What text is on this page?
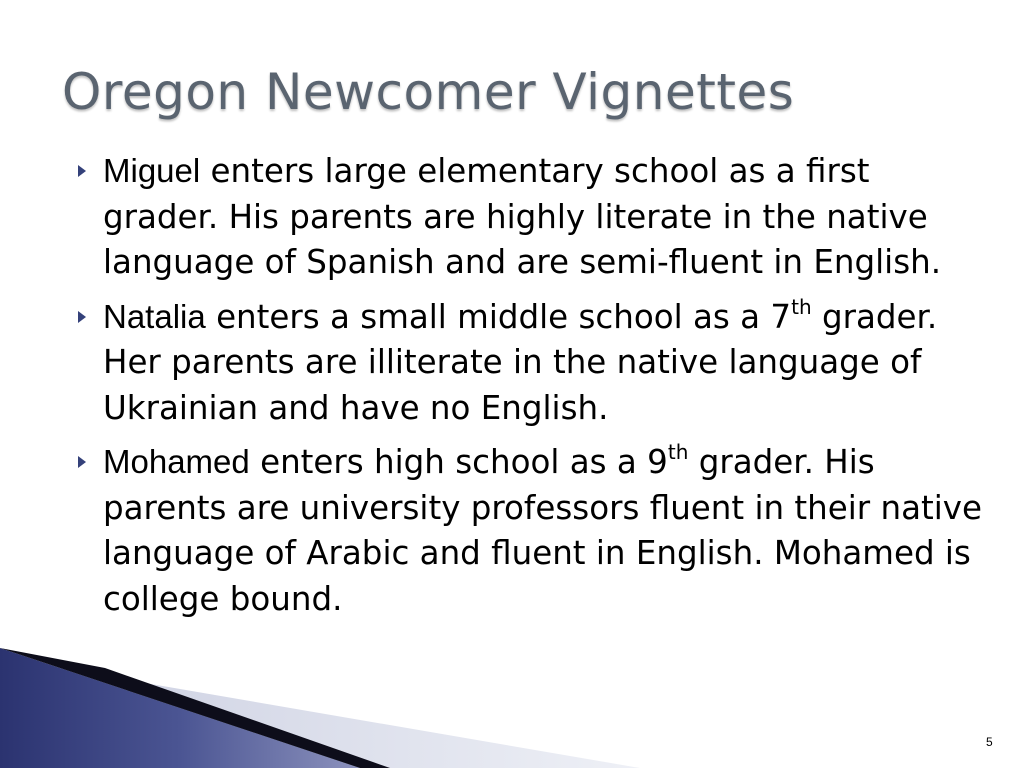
Oregon Newcomer Vignettes
Miguel enters large elementary school as a first grader. His parents are highly literate in the native language of Spanish and are semi-fluent in English.
Natalia enters a small middle school as a 7th grader. Her parents are illiterate in the native language of Ukrainian and have no English.
Mohamed enters high school as a 9th grader. His parents are university professors fluent in their native language of Arabic and fluent in English. Mohamed is college bound.
5
